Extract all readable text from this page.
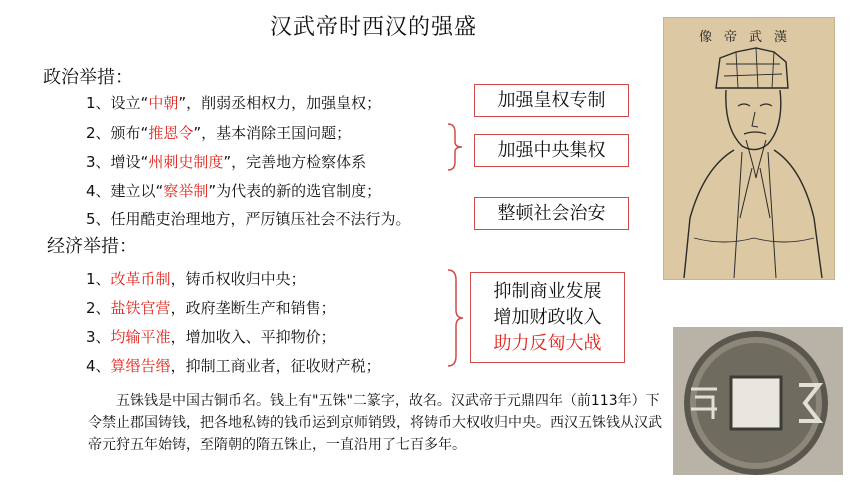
汉武帝时西汉的强盛
政治举措：
1、设立“中朝”，削弱丞相权力，加强皇权；
2、颁布“推恩令”，基本消除王国问题；
3、增设“州刺史制度”，完善地方检察体系
4、建立以“察举制”为代表的新的选官制度；
5、任用酷吏治理地方，严厉镇压社会不法行为。
加强皇权专制
加强中央集权
整顿社会治安
经济举措：
1、改革币制，铸币权收归中央；
2、盐铁官营，政府垄断生产和销售；
3、均输平准，增加收入、平抑物价；
4、算缗告缗，抑制工商业者，征收财产税；
抑制商业发展
增加财政收入
助力反匈大战
五铢钱是中国古铜币名。钱上有"五铢"二篆字，故名。汉武帝于元鼎四年（前113年）下令禁止郡国铸钱，把各地私铸的钱币运到京师销毁，将铸币大权收归中央。西汉五铢钱从汉武帝元狩五年始铸，至隋朝的隋五铢止，一直沿用了七百多年。
像帝武漢
